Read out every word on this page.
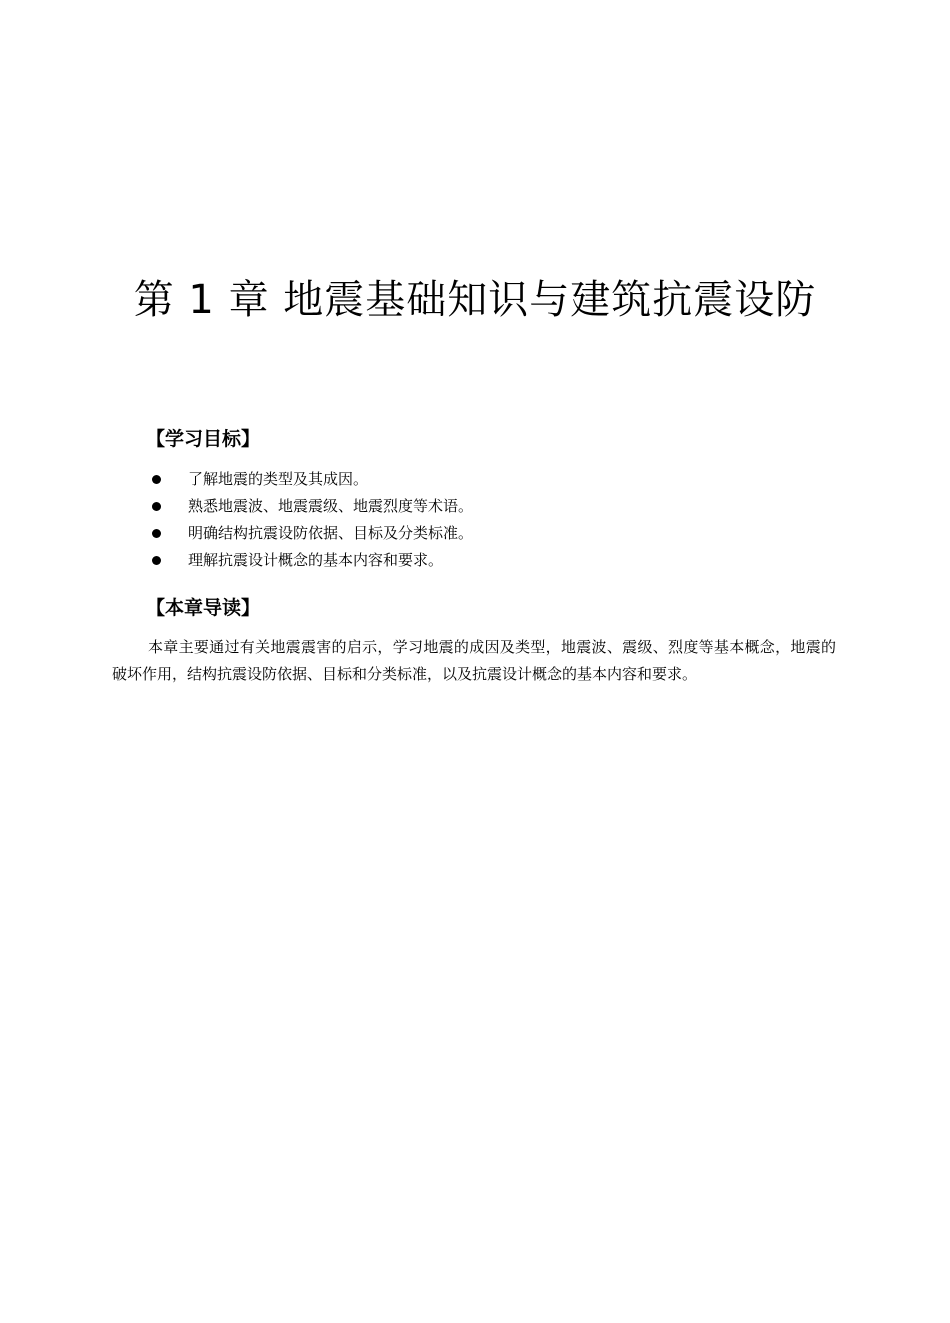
第 1 章 地震基础知识与建筑抗震设防
【学习目标】
了解地震的类型及其成因。
熟悉地震波、地震震级、地震烈度等术语。
明确结构抗震设防依据、目标及分类标准。
理解抗震设计概念的基本内容和要求。
【本章导读】

本章主要通过有关地震震害的启示，学习地震的成因及类型，地震波、震级、烈度等基本概念，地震的破坏作用，结构抗震设防依据、目标和分类标准，以及抗震设计概念的基本内容和要求。
